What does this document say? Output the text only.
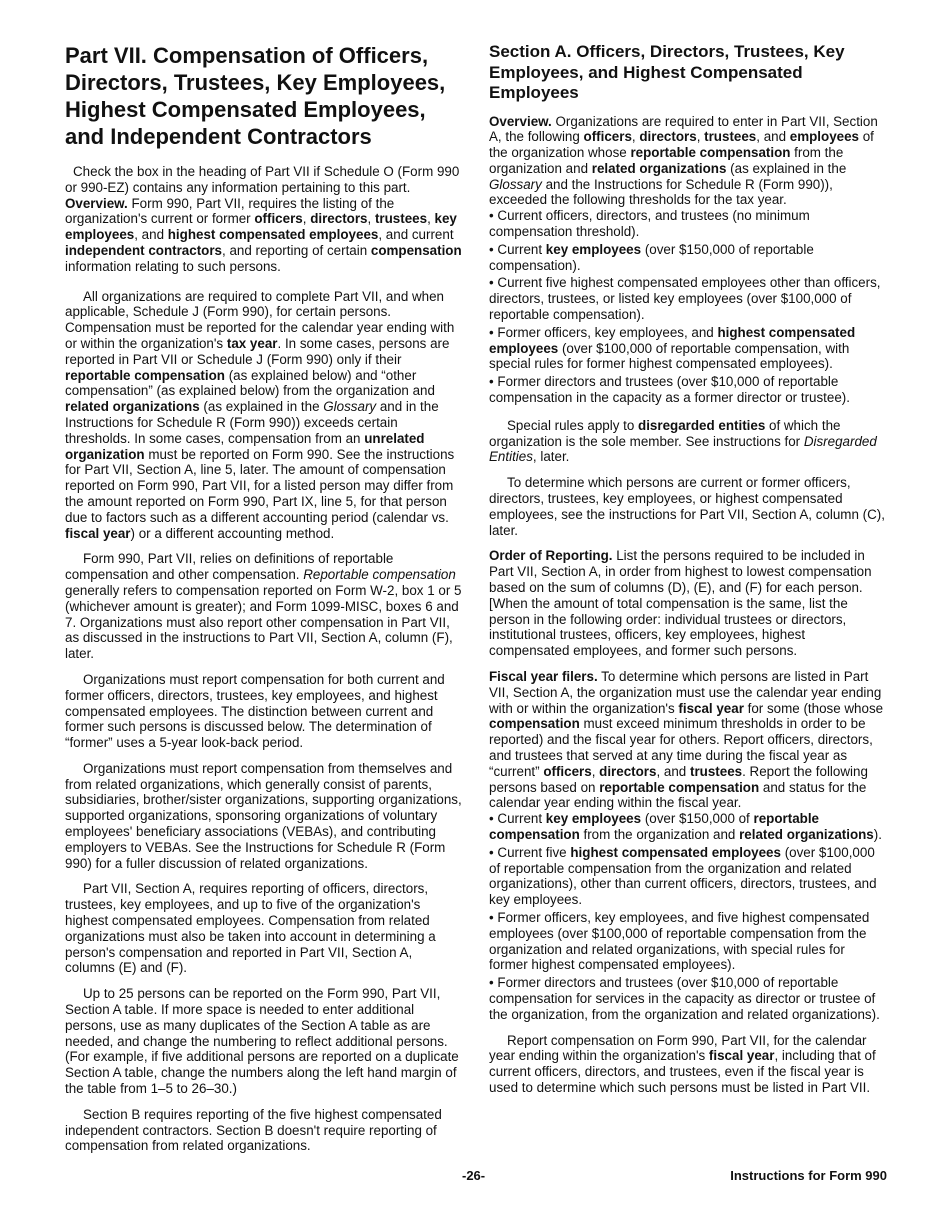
Part VII. Compensation of Officers, Directors, Trustees, Key Employees, Highest Compensated Employees, and Independent Contractors

Check the box in the heading of Part VII if Schedule O (Form 990 or 990-EZ) contains any information pertaining to this part. Overview. Form 990, Part VII, requires the listing of the organization's current or former officers, directors, trustees, key employees, and highest compensated employees, and current independent contractors, and reporting of certain compensation information relating to such persons.

All organizations are required to complete Part VII, and when applicable, Schedule J (Form 990), for certain persons. Compensation must be reported for the calendar year ending with or within the organization's tax year. In some cases, persons are reported in Part VII or Schedule J (Form 990) only if their reportable compensation (as explained below) and “other compensation” (as explained below) from the organization and related organizations (as explained in the Glossary and in the Instructions for Schedule R (Form 990)) exceeds certain thresholds. In some cases, compensation from an unrelated organization must be reported on Form 990. See the instructions for Part VII, Section A, line 5, later. The amount of compensation reported on Form 990, Part VII, for a listed person may differ from the amount reported on Form 990, Part IX, line 5, for that person due to factors such as a different accounting period (calendar vs. fiscal year) or a different accounting method.

Form 990, Part VII, relies on definitions of reportable compensation and other compensation. Reportable compensation generally refers to compensation reported on Form W-2, box 1 or 5 (whichever amount is greater); and Form 1099-MISC, boxes 6 and 7. Organizations must also report other compensation in Part VII, as discussed in the instructions to Part VII, Section A, column (F), later.

Organizations must report compensation for both current and former officers, directors, trustees, key employees, and highest compensated employees. The distinction between current and former such persons is discussed below. The determination of “former” uses a 5-year look-back period.

Organizations must report compensation from themselves and from related organizations, which generally consist of parents, subsidiaries, brother/sister organizations, supporting organizations, supported organizations, sponsoring organizations of voluntary employees' beneficiary associations (VEBAs), and contributing employers to VEBAs. See the Instructions for Schedule R (Form 990) for a fuller discussion of related organizations.

Part VII, Section A, requires reporting of officers, directors, trustees, key employees, and up to five of the organization's highest compensated employees. Compensation from related organizations must also be taken into account in determining a person's compensation and reported in Part VII, Section A, columns (E) and (F).

Up to 25 persons can be reported on the Form 990, Part VII, Section A table. If more space is needed to enter additional persons, use as many duplicates of the Section A table as are needed, and change the numbering to reflect additional persons. (For example, if five additional persons are reported on a duplicate Section A table, change the numbers along the left hand margin of the table from 1–5 to 26–30.)

Section B requires reporting of the five highest compensated independent contractors. Section B doesn't require reporting of compensation from related organizations.

Section A. Officers, Directors, Trustees, Key Employees, and Highest Compensated Employees

Overview. Organizations are required to enter in Part VII, Section A, the following officers, directors, trustees, and employees of the organization whose reportable compensation from the organization and related organizations (as explained in the Glossary and the Instructions for Schedule R (Form 990)), exceeded the following thresholds for the tax year.

• Current officers, directors, and trustees (no minimum compensation threshold).

• Current key employees (over $150,000 of reportable compensation).

• Current five highest compensated employees other than officers, directors, trustees, or listed key employees (over $100,000 of reportable compensation).

• Former officers, key employees, and highest compensated employees (over $100,000 of reportable compensation, with special rules for former highest compensated employees).

• Former directors and trustees (over $10,000 of reportable compensation in the capacity as a former director or trustee).

Special rules apply to disregarded entities of which the organization is the sole member. See instructions for Disregarded Entities, later.

To determine which persons are current or former officers, directors, trustees, key employees, or highest compensated employees, see the instructions for Part VII, Section A, column (C), later.

Order of Reporting. List the persons required to be included in Part VII, Section A, in order from highest to lowest compensation based on the sum of columns (D), (E), and (F) for each person. [When the amount of total compensation is the same, list the person in the following order: individual trustees or directors, institutional trustees, officers, key employees, highest compensated employees, and former such persons.

Fiscal year filers. To determine which persons are listed in Part VII, Section A, the organization must use the calendar year ending with or within the organization's fiscal year for some (those whose compensation must exceed minimum thresholds in order to be reported) and the fiscal year for others. Report officers, directors, and trustees that served at any time during the fiscal year as “current” officers, directors, and trustees. Report the following persons based on reportable compensation and status for the calendar year ending within the fiscal year.

• Current key employees (over $150,000 of reportable compensation from the organization and related organizations).

• Current five highest compensated employees (over $100,000 of reportable compensation from the organization and related organizations), other than current officers, directors, trustees, and key employees.

• Former officers, key employees, and five highest compensated employees (over $100,000 of reportable compensation from the organization and related organizations, with special rules for former highest compensated employees).

• Former directors and trustees (over $10,000 of reportable compensation for services in the capacity as director or trustee of the organization, from the organization and related organizations).

Report compensation on Form 990, Part VII, for the calendar year ending within the organization's fiscal year, including that of current officers, directors, and trustees, even if the fiscal year is used to determine which such persons must be listed in Part VII.

-26-	Instructions for Form 990
